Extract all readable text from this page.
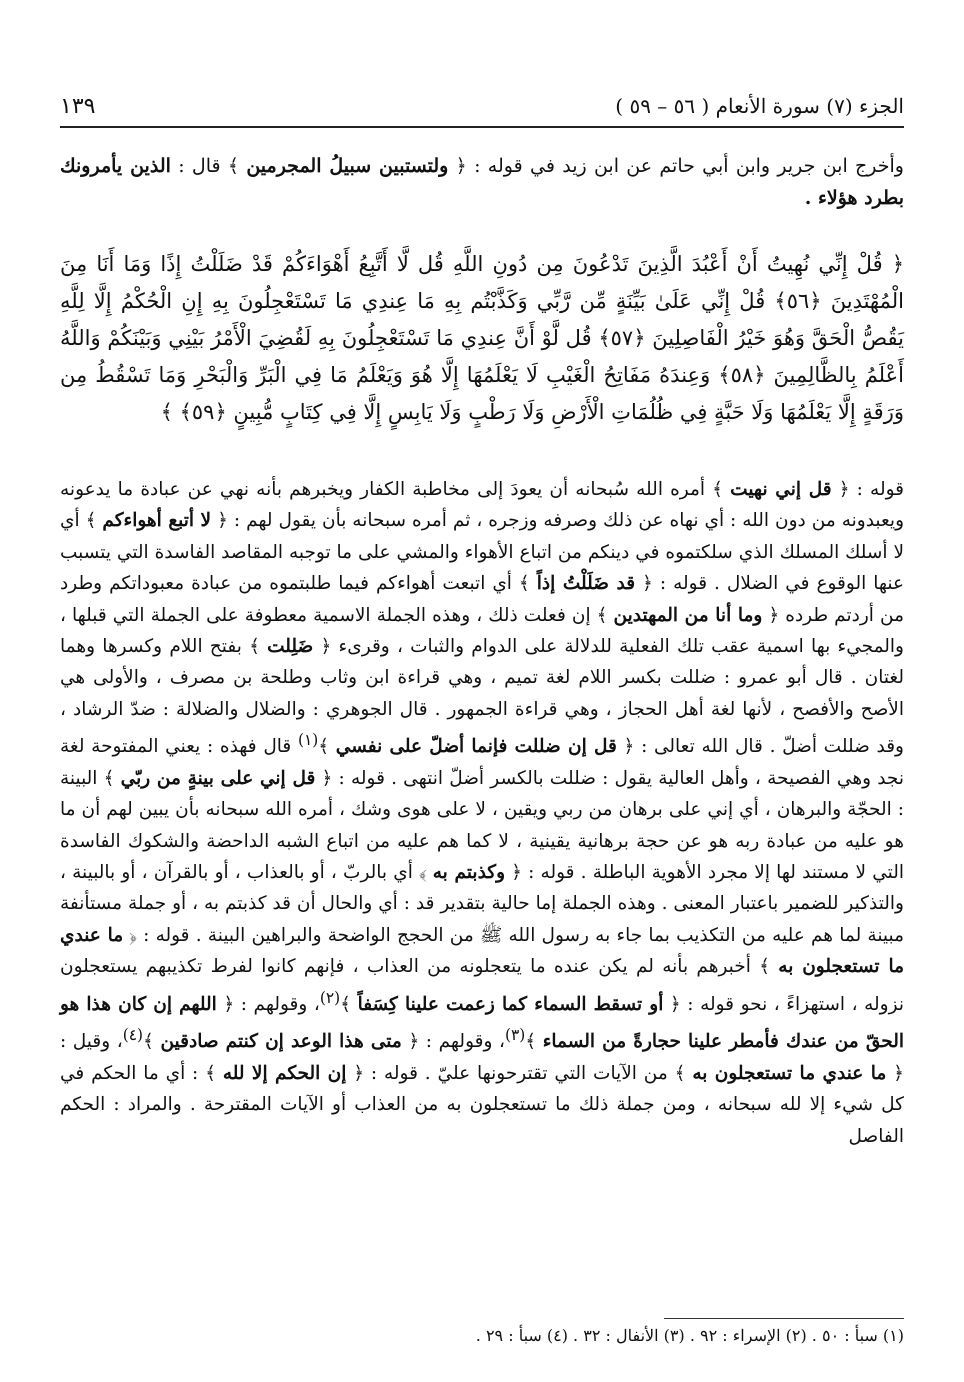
الجزء (٧) سورة الأنعام ( ٥٦ – ٥٩ )
١٣٩
وأخرج ابن جرير وابن أبي حاتم عن ابن زيد في قوله : ﴿ ولتستبين سبيلُ المجرمين ﴾ قال : الذين يأمرونك بطرد هؤلاء .
﴿ قُلْ إِنِّي نُهِيتُ أَنْ أَعْبُدَ الَّذِينَ تَدْعُونَ مِن دُونِ اللَّهِ قُل لَّا أَتَّبِعُ أَهْوَاءَكُمْ قَدْ ضَلَلْتُ إِذًا وَمَا أَنَا مِنَ الْمُهْتَدِينَ ﴿٥٦﴾ قُلْ إِنِّي عَلَىٰ بَيِّنَةٍ مِّن رَّبِّي وَكَذَّبْتُم بِهِ مَا عِندِي مَا تَسْتَعْجِلُونَ بِهِ إِنِ الْحُكْمُ إِلَّا لِلَّهِ يَقُصُّ الْحَقَّ وَهُوَ خَيْرُ الْفَاصِلِينَ ﴿٥٧﴾ قُل لَّوْ أَنَّ عِندِي مَا تَسْتَعْجِلُونَ بِهِ لَقُضِيَ الْأَمْرُ بَيْنِي وَبَيْنَكُمْ وَاللَّهُ أَعْلَمُ بِالظَّالِمِينَ ﴿٥٨﴾ وَعِندَهُ مَفَاتِحُ الْغَيْبِ لَا يَعْلَمُهَا إِلَّا هُوَ وَيَعْلَمُ مَا فِي الْبَرِّ وَالْبَحْرِ وَمَا تَسْقُطُ مِن وَرَقَةٍ إِلَّا يَعْلَمُهَا وَلَا حَبَّةٍ فِي ظُلُمَاتِ الْأَرْضِ وَلَا رَطْبٍ وَلَا يَابِسٍ إِلَّا فِي كِتَابٍ مُّبِينٍ ﴿٥٩﴾ ﴾
قوله : ﴿ قل إني نهيت ﴾ أمره الله سُبحانه أن يعودَ إلى مخاطبة الكفار ويخبرهم بأنه نهي عن عبادة ما يدعونه ويعبدونه من دون الله : أي نهاه عن ذلك وصرفه وزجره ، ثم أمره سبحانه بأن يقول لهم : ﴿ لا أتبع أهواءكم ﴾ أي لا أسلك المسلك الذي سلكتموه في دينكم من اتباع الأهواء والمشي على ما توجبه المقاصد الفاسدة التي يتسبب عنها الوقوع في الضلال . قوله : ﴿ قد ضَلَلْتُ إذاً ﴾ أي اتبعت أهواءكم فيما طلبتموه من عبادة معبوداتكم وطرد من أردتم طرده ﴿ وما أنا من المهتدين ﴾ إن فعلت ذلك ، وهذه الجملة الاسمية معطوفة على الجملة التي قبلها ، والمجيء بها اسمية عقب تلك الفعلية للدلالة على الدوام والثبات ، وقرىء ﴿ ضَلِلت ﴾ بفتح اللام وكسرها وهما لغتان . قال أبو عمرو : ضللت بكسر اللام لغة تميم ، وهي قراءة ابن وثاب وطلحة بن مصرف ، والأولى هي الأصح والأفصح ، لأنها لغة أهل الحجاز ، وهي قراءة الجمهور . قال الجوهري : والضلال والضلالة : ضدّ الرشاد ، وقد ضللت أضلّ . قال الله تعالى : ﴿ قل إن ضللت فإنما أضلّ على نفسي ﴾$^{(١)}$ قال فهذه : يعني المفتوحة لغة نجد وهي الفصيحة ، وأهل العالية يقول : ضللت بالكسر أضلّ انتهى . قوله : ﴿ قل إني على بينةٍ من ربّي ﴾ البينة : الحجّة والبرهان ، أي إني على برهان من ربي ويقين ، لا على هوى وشك ، أمره الله سبحانه بأن يبين لهم أن ما هو عليه من عبادة ربه هو عن حجة برهانية يقينية ، لا كما هم عليه من اتباع الشبه الداحضة والشكوك الفاسدة التي لا مستند لها إلا مجرد الأهوية الباطلة . قوله : ﴿ وكذبتم به ﴾ أي بالربّ ، أو بالعذاب ، أو بالقرآن ، أو بالبينة ، والتذكير للضمير باعتبار المعنى . وهذه الجملة إما حالية بتقدير قد : أي والحال أن قد كذبتم به ، أو جملة مستأنفة مبينة لما هم عليه من التكذيب بما جاء به رسول الله ﷺ من الحجج الواضحة والبراهين البينة . قوله : ﴿ ما عندي ما تستعجلون به ﴾ أخبرهم بأنه لم يكن عنده ما يتعجلونه من العذاب ، فإنهم كانوا لفرط تكذيبهم يستعجلون نزوله ، استهزاءً ، نحو قوله : ﴿ أو تسقط السماء كما زعمت علينا كِسَفاً ﴾$^{(٢)}$، وقولهم : ﴿ اللهم إن كان هذا هو الحقّ من عندك فأمطر علينا حجارةً من السماء ﴾$^{(٣)}$، وقولهم : ﴿ متى هذا الوعد إن كنتم صادقين ﴾$^{(٤)}$، وقيل : ﴿ ما عندي ما تستعجلون به ﴾ من الآيات التي تقترحونها عليّ . قوله : ﴿ إن الحكم إلا لله ﴾ : أي ما الحكم في كل شيء إلا لله سبحانه ، ومن جملة ذلك ما تستعجلون به من العذاب أو الآيات المقترحة . والمراد : الحكم الفاصل
(١) سبأ : ٥٠ . (٢) الإسراء : ٩٢ . (٣) الأنفال : ٣٢ . (٤) سبأ : ٢٩ .
